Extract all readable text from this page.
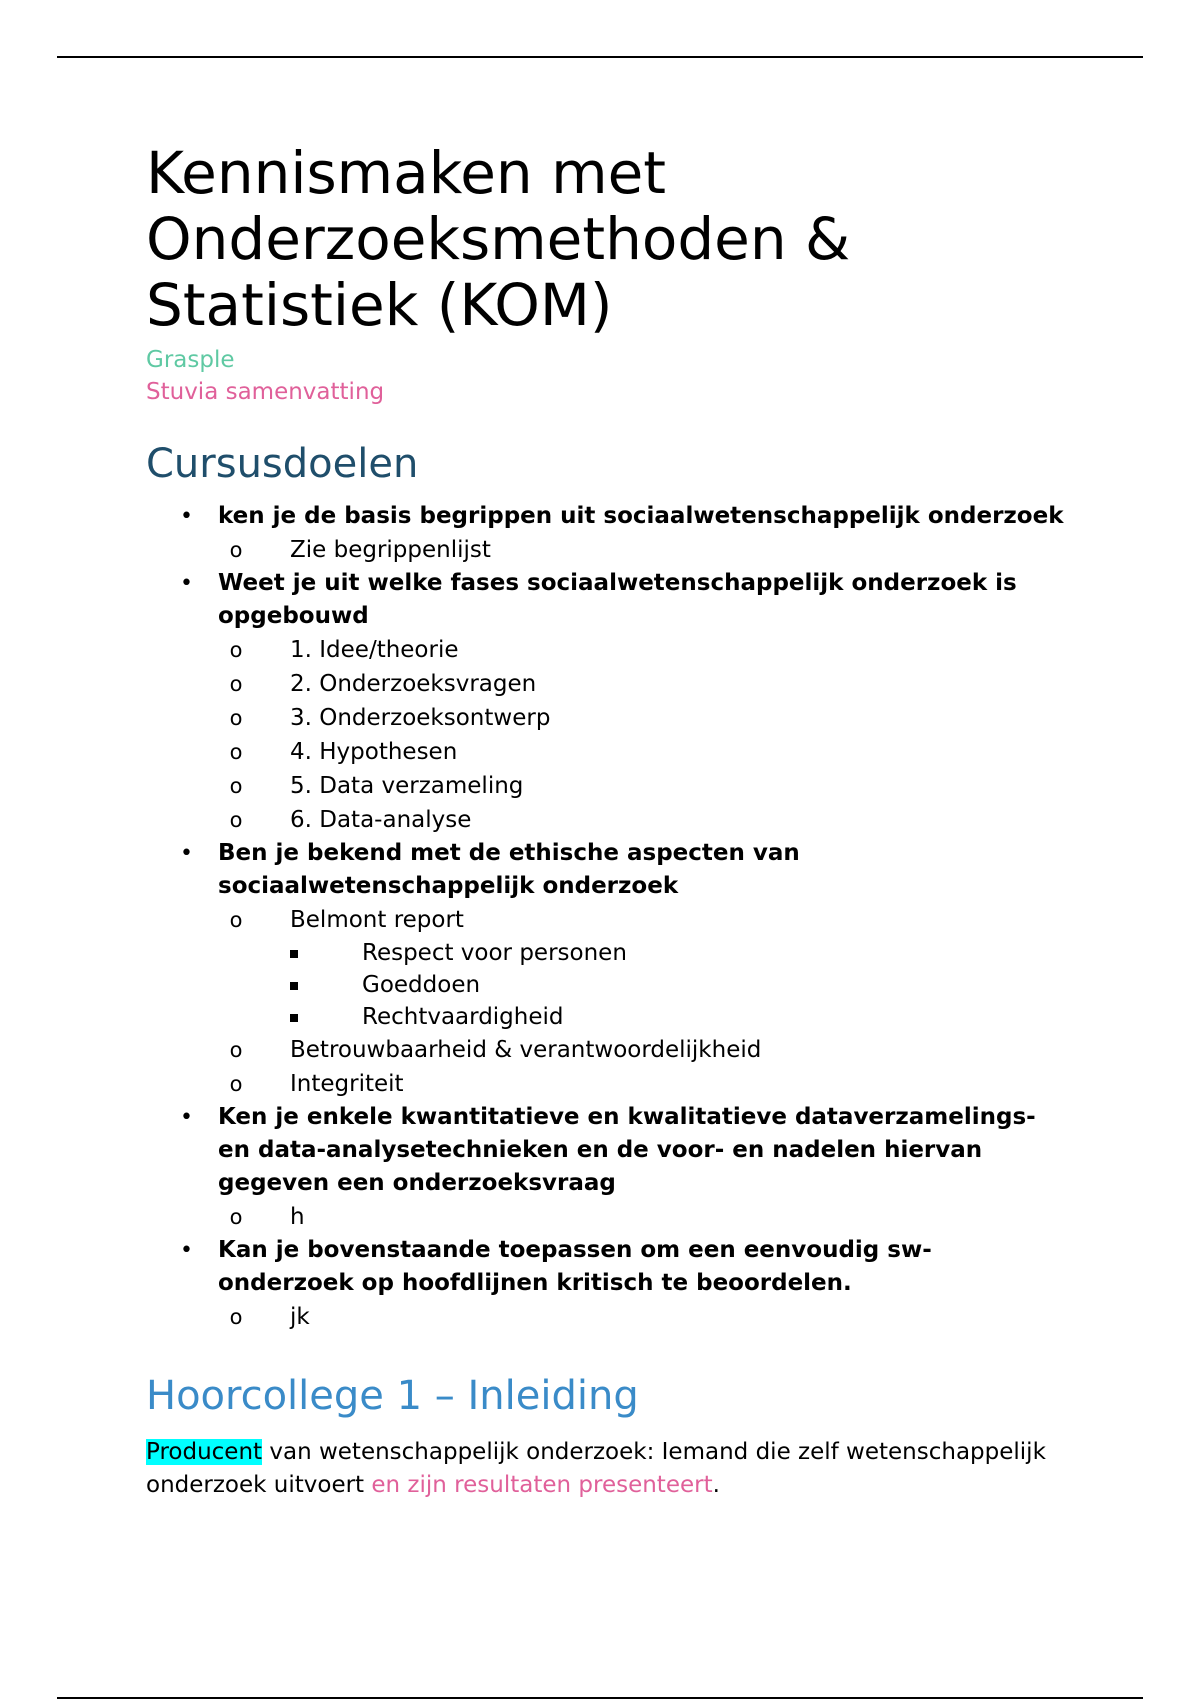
Kennismaken met Onderzoeksmethoden & Statistiek (KOM)
Grasple
Stuvia samenvatting
Cursusdoelen
• ken je de basis begrippen uit sociaalwetenschappelijk onderzoek
o	Zie begrippenlijst
• Weet je uit welke fases sociaalwetenschappelijk onderzoek is opgebouwd
o	1. Idee/theorie
o	2. Onderzoeksvragen
o	3. Onderzoeksontwerp
o	4. Hypothesen
o	5. Data verzameling
o	6. Data-analyse
• Ben je bekend met de ethische aspecten van sociaalwetenschappelijk onderzoek
o	Belmont report
Respect voor personen
Goeddoen
Rechtvaardigheid
o	Betrouwbaarheid & verantwoordelijkheid
o	Integriteit
• Ken je enkele kwantitatieve en kwalitatieve dataverzamelings- en data-analysetechnieken en de voor- en nadelen hiervan gegeven een onderzoeksvraag
o	h
• Kan je bovenstaande toepassen om een eenvoudig sw-onderzoek op hoofdlijnen kritisch te beoordelen.
o	jk
Hoorcollege 1 – Inleiding

Producent van wetenschappelijk onderzoek: Iemand die zelf wetenschappelijk onderzoek uitvoert en zijn resultaten presenteert.
